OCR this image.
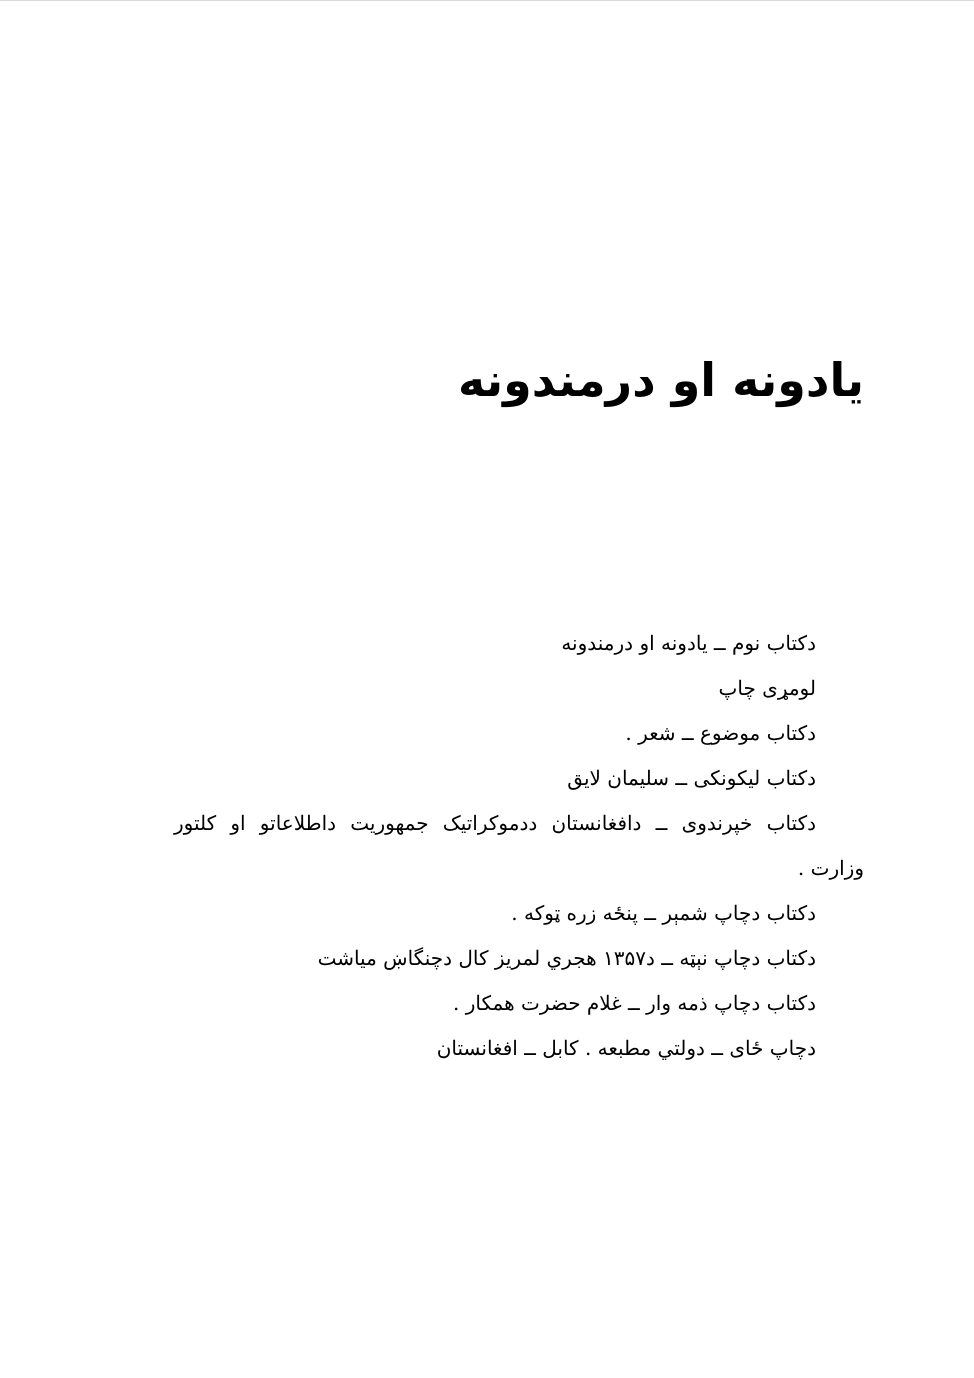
یادونه او درمندونه
دکتاب نوم ــ یادونه او درمندونه
لومړی چاپ
دکتاب موضوع ــ شعر .
دکتاب لیکونکی ــ سلیمان لایق
دکتاب خپرندوی ــ دافغانستان ددموکراتیک جمهوریت داطلاعاتو او کلتور
وزارت .
دکتاب دچاپ شمېر ــ پنځه زره ټوکه .
دکتاب دچاپ نېټه ــ د۱۳۵۷ هجري لمریز کال دچنگاښ میاشت
دکتاب دچاپ ذمه وار ــ غلام حضرت همکار .
دچاپ ځای ــ دولتي مطبعه . کابل ــ افغانستان
